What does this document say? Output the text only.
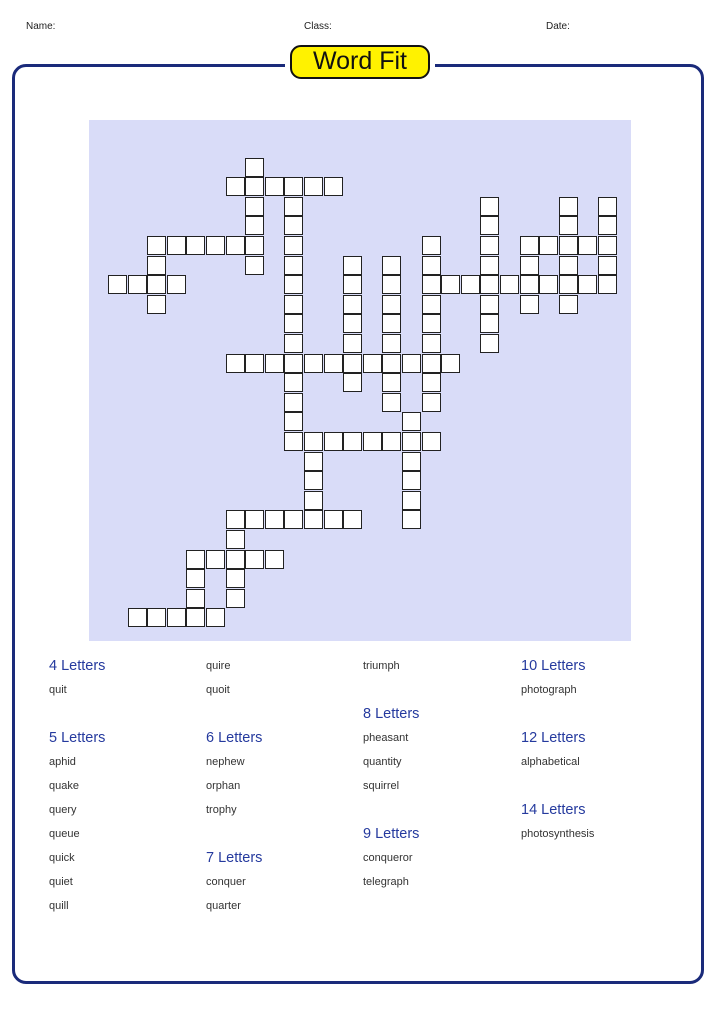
Name:	Class:	Date:
Word Fit
4 Letters
quit
5 Letters
aphid
quake
query
queue
quick
quiet
quill
quire
quoit
6 Letters
nephew
orphan
trophy
7 Letters
conquer
quarter
triumph
8 Letters
pheasant
quantity
squirrel
9 Letters
conqueror
telegraph
10 Letters
photograph
12 Letters
alphabetical
14 Letters
photosynthesis
